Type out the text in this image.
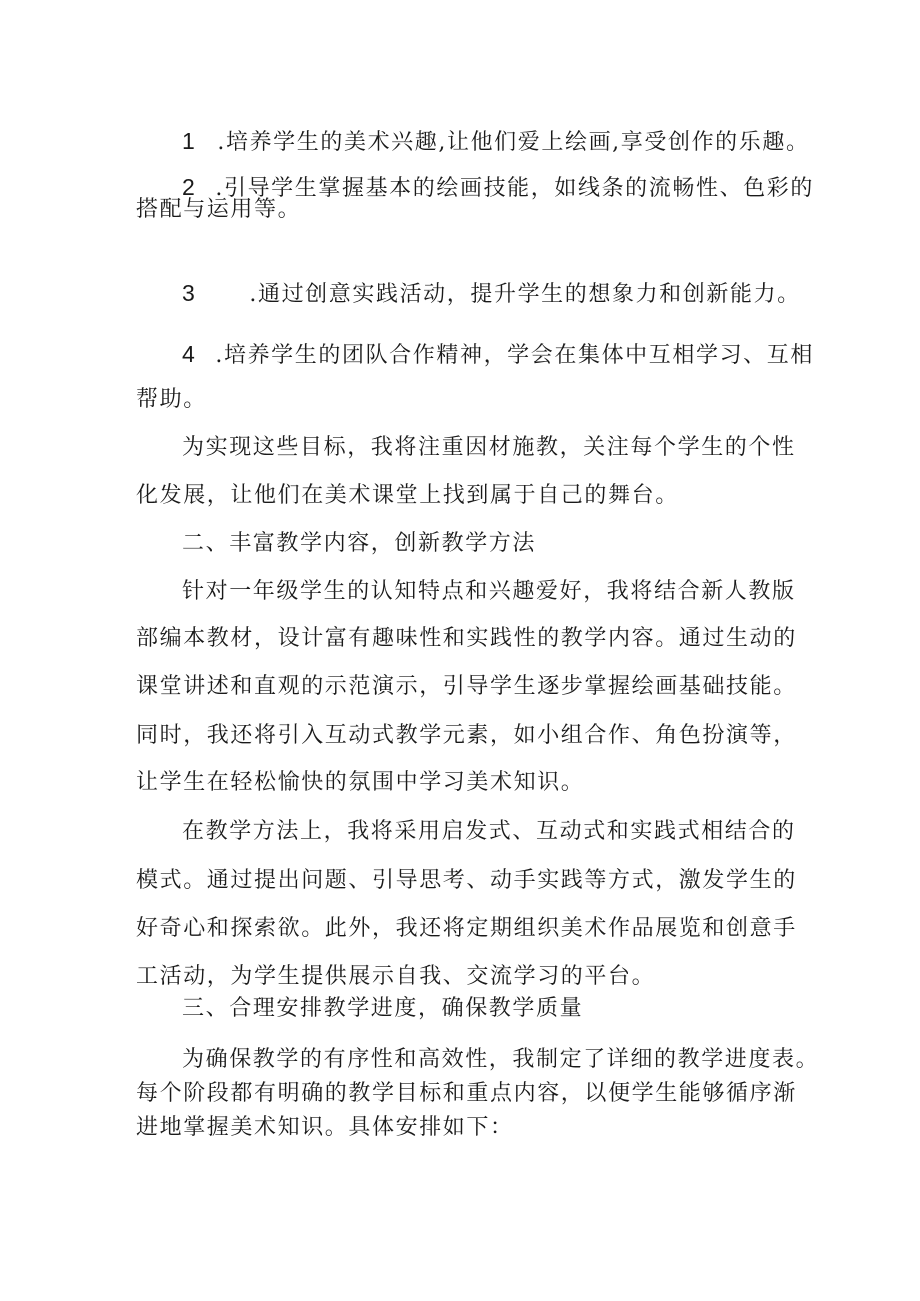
1 .培养学生的美术兴趣,让他们爱上绘画,享受创作的乐趣。
2 .引导学生掌握基本的绘画技能，如线条的流畅性、色彩的
搭配与运用等。
3 .通过创意实践活动，提升学生的想象力和创新能力。
4 .培养学生的团队合作精神，学会在集体中互相学习、互相
帮助。
为实现这些目标，我将注重因材施教，关注每个学生的个性
化发展，让他们在美术课堂上找到属于自己的舞台。
二、丰富教学内容，创新教学方法
针对一年级学生的认知特点和兴趣爱好，我将结合新人教版
部编本教材，设计富有趣味性和实践性的教学内容。通过生动的
课堂讲述和直观的示范演示，引导学生逐步掌握绘画基础技能。
同时，我还将引入互动式教学元素，如小组合作、角色扮演等，
让学生在轻松愉快的氛围中学习美术知识。
在教学方法上，我将采用启发式、互动式和实践式相结合的
模式。通过提出问题、引导思考、动手实践等方式，激发学生的
好奇心和探索欲。此外，我还将定期组织美术作品展览和创意手
工活动，为学生提供展示自我、交流学习的平台。
三、合理安排教学进度，确保教学质量
为确保教学的有序性和高效性，我制定了详细的教学进度表。
每个阶段都有明确的教学目标和重点内容，以便学生能够循序渐
进地掌握美术知识。具体安排如下：
